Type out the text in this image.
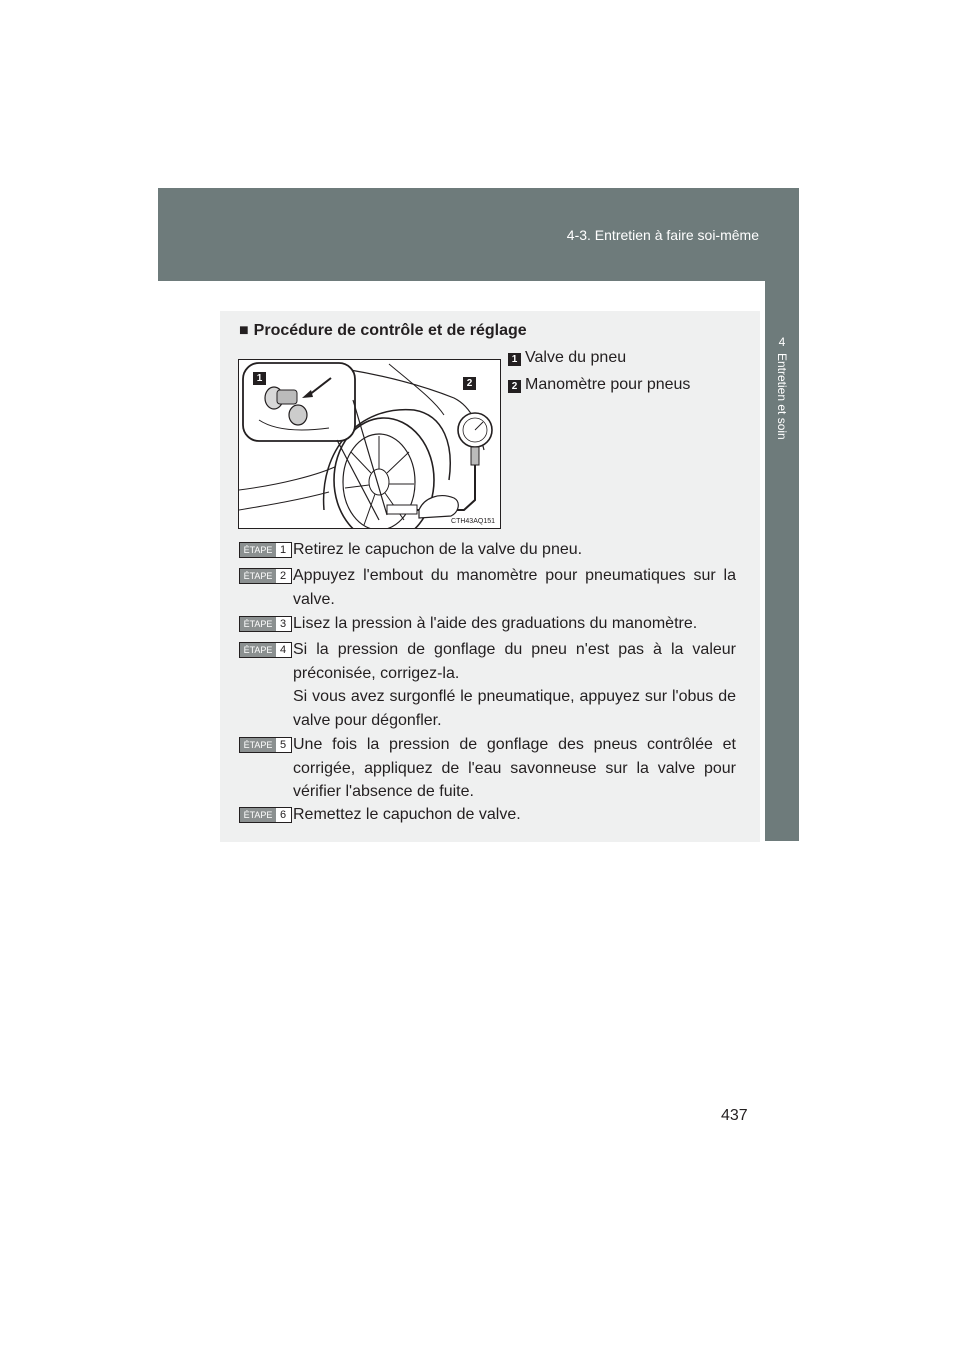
4-3. Entretien à faire soi-même
4
Entretien et soin
■ Procédure de contrôle et de réglage
1	2
CTH43AQ151
1 Valve du pneu
2 Manomètre pour pneus
ÉTAPE 1 Retirez le capuchon de la valve du pneu.
ÉTAPE 2 Appuyez l'embout du manomètre pour pneumatiques sur la valve.
ÉTAPE 3 Lisez la pression à l'aide des graduations du manomètre.
ÉTAPE 4 Si la pression de gonflage du pneu n'est pas à la valeur préconisée, corrigez-la.
Si vous avez surgonflé le pneumatique, appuyez sur l'obus de valve pour dégonfler.
ÉTAPE 5 Une fois la pression de gonflage des pneus contrôlée et corrigée, appliquez de l'eau savonneuse sur la valve pour vérifier l'absence de fuite.
ÉTAPE 6 Remettez le capuchon de valve.
437
